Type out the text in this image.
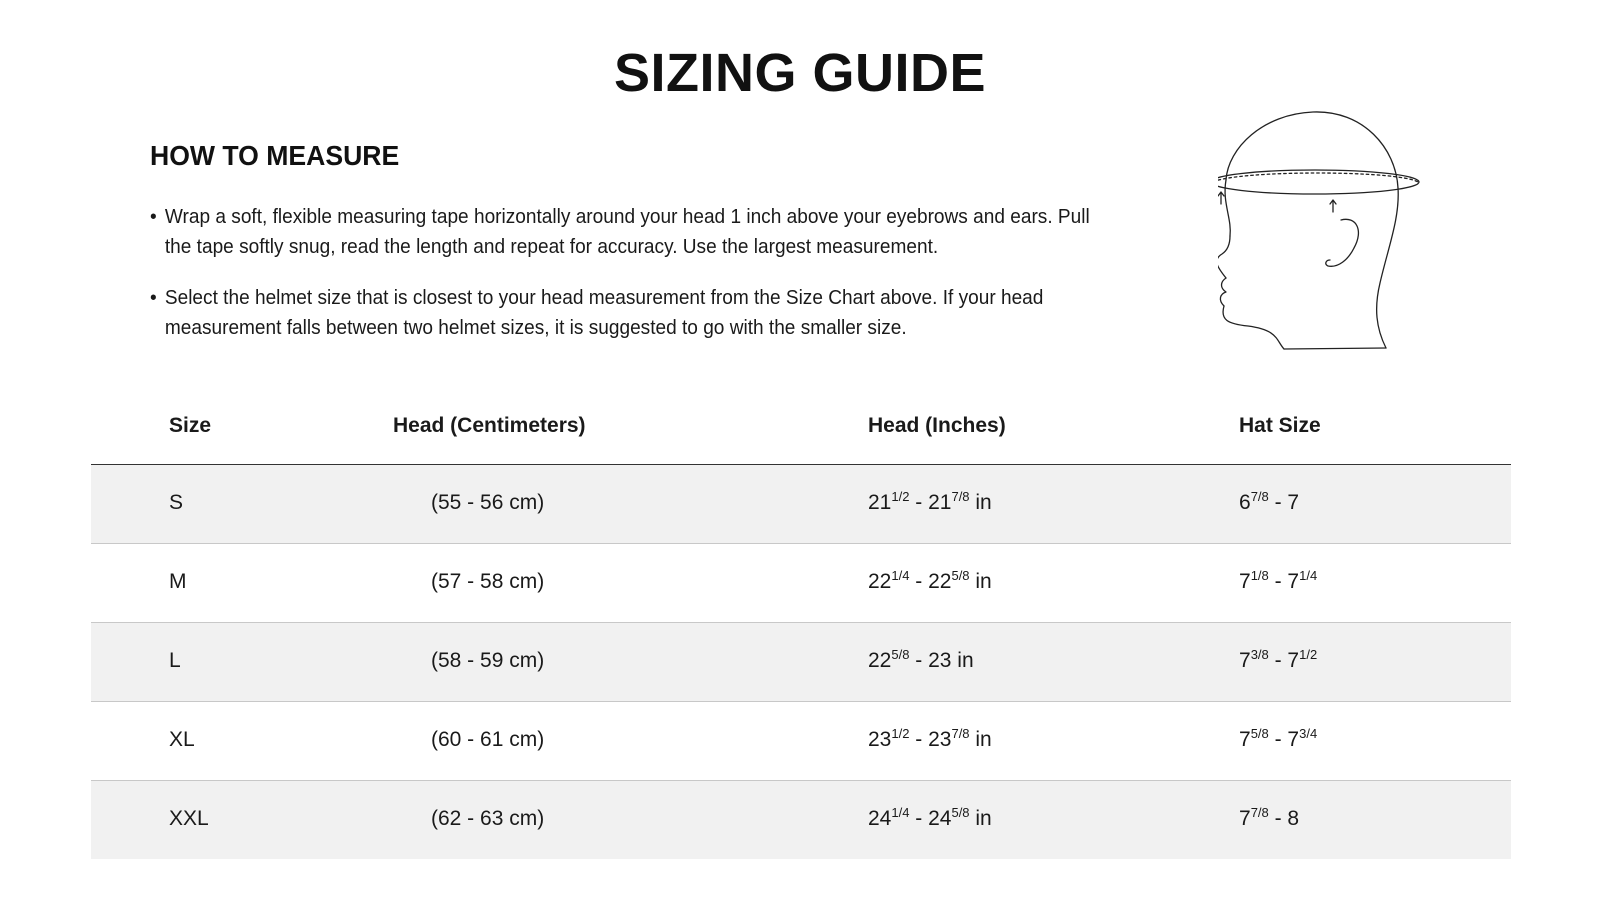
SIZING GUIDE
HOW TO MEASURE
• Wrap a soft, flexible measuring tape horizontally around your head 1 inch above your eyebrows and ears. Pull the tape softly snug, read the length and repeat for accuracy. Use the largest measurement.
• Select the helmet size that is closest to your head measurement from the Size Chart above. If your head measurement falls between two helmet sizes, it is suggested to go with the smaller size.
Size	Head (Centimeters)	Head (Inches)	Hat Size
S	(55 - 56 cm)	$21^{1/2} - 21^{7/8}$ in	$6^{7/8} - 7$
M	(57 - 58 cm)	$22^{1/4} - 22^{5/8}$ in	$7^{1/8} - 7^{1/4}$
L	(58 - 59 cm)	$22^{5/8} - 23$ in	$7^{3/8} - 7^{1/2}$
XL	(60 - 61 cm)	$23^{1/2} - 23^{7/8}$ in	$7^{5/8} - 7^{3/4}$
XXL	(62 - 63 cm)	$24^{1/4} - 24^{5/8}$ in	$7^{7/8} - 8$
